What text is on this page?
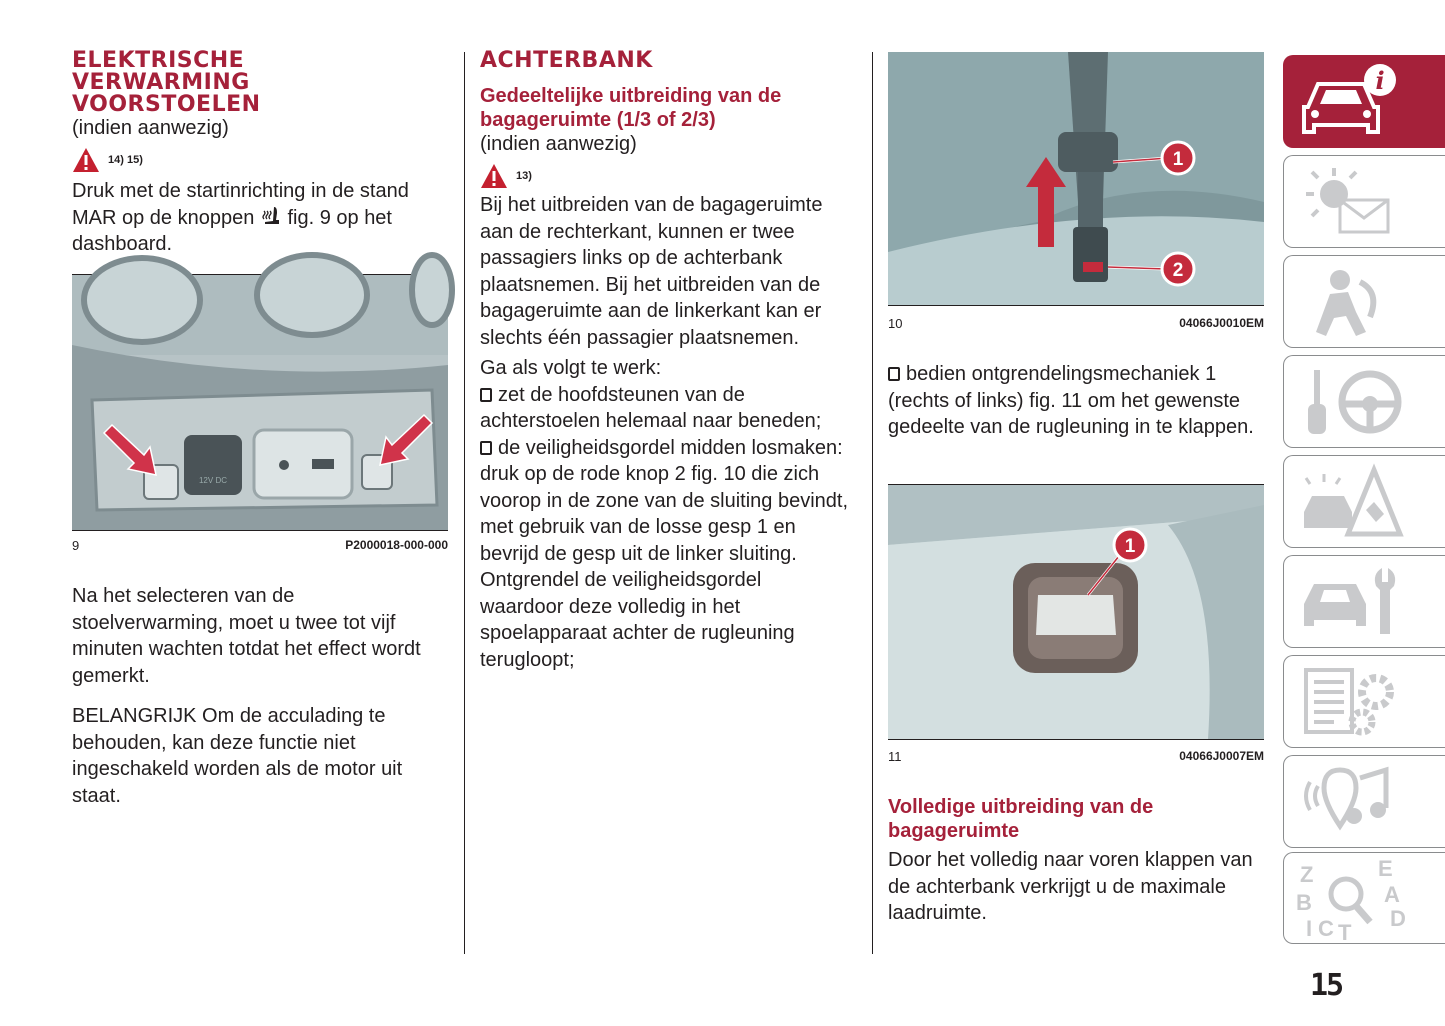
ELEKTRISCHE VERWARMING VOORSTOELEN

(indien aanwezig)

14) 15)

Druk met de startinrichting in de stand MAR op de knoppen fig. 9 op het dashboard.

12V DC
9	P2000018-000-000

Na het selecteren van de stoelverwarming, moet u twee tot vijf minuten wachten totdat het effect wordt gemerkt.

BELANGRIJK Om de acculading te behouden, kan deze functie niet ingeschakeld worden als de motor uit staat.

ACHTERBANK
Gedeeltelijke uitbreiding van de bagageruimte (1/3 of 2/3)

(indien aanwezig)

13)

Bij het uitbreiden van de bagageruimte aan de rechterkant, kunnen er twee passagiers links op de achterbank plaatsnemen. Bij het uitbreiden van de bagageruimte aan de linkerkant kan er slechts één passagier plaatsnemen.

Ga als volgt te werk:

zet de hoofdsteunen van de achterstoelen helemaal naar beneden;

de veiligheidsgordel midden losmaken: druk op de rode knop 2 fig. 10 die zich voorop in de zone van de sluiting bevindt, met gebruik van de losse gesp 1 en bevrijd de gesp uit de linker sluiting. Ontgrendel de veiligheidsgordel waardoor deze volledig in het spoelapparaat achter de rugleuning terugloopt;

1
2
10	04066J0010EM

bedien ontgrendelingsmechaniek 1 (rechts of links) fig. 11 om het gewenste gedeelte van de rugleuning in te klappen.

1
11	04066J0007EM
Volledige uitbreiding van de bagageruimte

Door het volledig naar voren klappen van de achterbank verkrijgt u de maximale laadruimte.

i
Z	E
A
B
C	D
I T
15
